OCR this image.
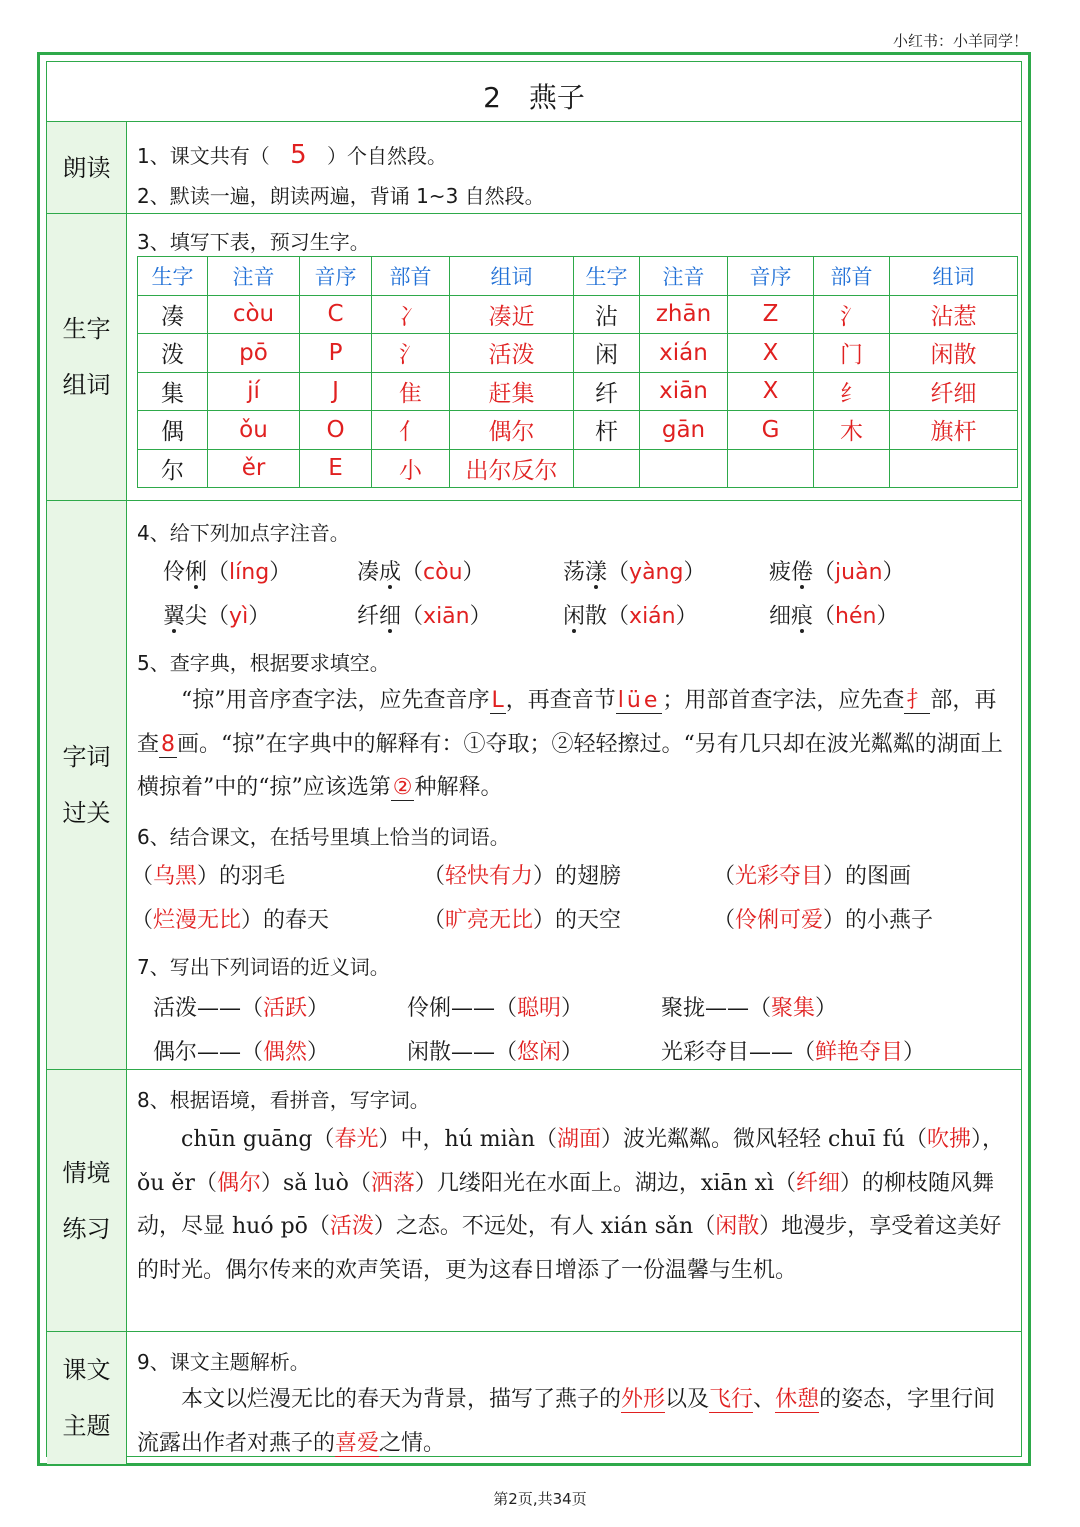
小红书：小羊同学！
2　燕子
朗读 1、课文共有（ 5 ）个自然段。
2、默读一遍，朗读两遍，背诵 1~3 自然段。
生字
组词
3、填写下表，预习生字。
生字	注音	音序	部首	组词	生字	注音	音序	部首	组词
凑	còu	C	冫	凑近	沾	zhān	Z	氵	沾惹
泼	pō	P	氵	活泼	闲	xián	X	门	闲散
集	jí	J	隹	赶集	纤	xiān	X	纟	纤细
偶	ǒu	O	亻	偶尔	杆	gān	G	木	旗杆
尔	ěr	E	小	出尔反尔					
字词
过关
4、给下列加点字注音。
伶俐（líng）	凑成（còu）	荡漾（yàng）	疲倦（juàn）
翼尖（yì）	纤细（xiān）	闲散（xián）	细痕（hén）
5、查字典，根据要求填空。
　　“掠”用音序查字法，应先查音序L，再查音节lüe；用部首查字法，应先查扌部，再查8画。“掠”在字典中的解释有：①夺取；②轻轻擦过。“另有几只却在波光粼粼的湖面上横掠着”中的“掠”应该选第②种解释。
6、结合课文，在括号里填上恰当的词语。
（乌黑）的羽毛	（轻快有力）的翅膀	（光彩夺目）的图画
（烂漫无比）的春天	（旷亮无比）的天空	（伶俐可爱）的小燕子
7、写出下列词语的近义词。
活泼——（活跃）	伶俐——（聪明）	聚拢——（聚集）
偶尔——（偶然）	闲散——（悠闲）	光彩夺目——（鲜艳夺目）
情境
练习
8、根据语境，看拼音，写字词。
　　chūn guāng（春光）中，hú miàn（湖面）波光粼粼。微风轻轻 chuī fú（吹拂），ǒu ěr（偶尔）sǎ luò（洒落）几缕阳光在水面上。湖边，xiān xì（纤细）的柳枝随风舞动，尽显 huó pō（活泼）之态。不远处，有人 xián sǎn（闲散）地漫步，享受着这美好的时光。偶尔传来的欢声笑语，更为这春日增添了一份温馨与生机。
课文
主题
9、课文主题解析。
　　本文以烂漫无比的春天为背景，描写了燕子的外形以及飞行、休憩的姿态，字里行间流露出作者对燕子的喜爱之情。
第2页,共34页
